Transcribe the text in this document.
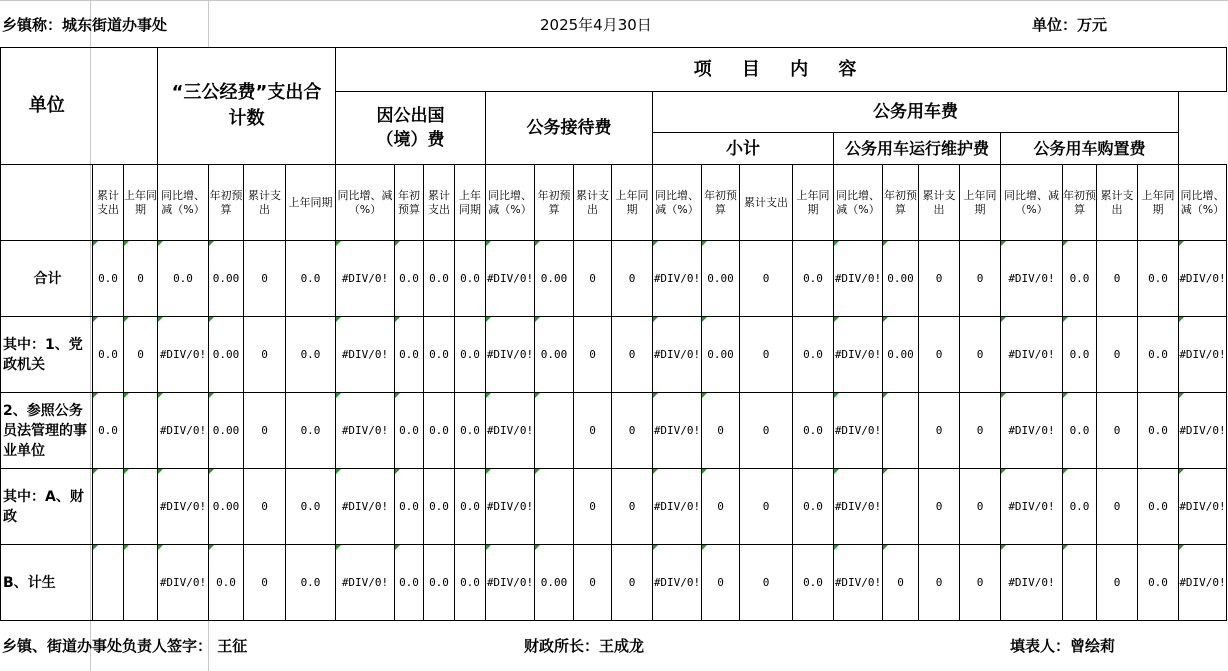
乡镇称：城东街道办事处	2025年4月30日	单位：万元
单位			“三公经费”支出合计数				项 目 内 容																				
							因公出国（境）费				公务接待费				公务用车费												
															小计				公务用车运行维护费				公务用车购置费				
	累计支出	上年同期	同比增、减（%）	年初预算	累计支出	上年同期	同比增、减（%）	年初预算	累计支出	上年同期	同比增、减（%）	年初预算	累计支出	上年同期	同比增、减（%）	年初预算	累计支出	上年同期	同比增、减（%）	年初预算	累计支出	上年同期	同比增、减（%）	年初预算	累计支出	上年同期	同比增、减（%）
合计	0.0	0	0.0	0.00	0	0.0	#DIV/0!	0.0	0.0	0.0	#DIV/0!	0.00	0	0	#DIV/0!	0.00	0	0.0	#DIV/0!	0.00	0	0	#DIV/0!	0.0	0	0.0	#DIV/0!
其中：1、党政机关	0.0	0	#DIV/0!	0.00	0	0.0	#DIV/0!	0.0	0.0	0.0	#DIV/0!	0.00	0	0	#DIV/0!	0.00	0	0.0	#DIV/0!	0.00	0	0	#DIV/0!	0.0	0	0.0	#DIV/0!
2、参照公务员法管理的事业单位	0.0		#DIV/0!	0.00	0	0.0	#DIV/0!	0.0	0.0	0.0	#DIV/0!		0	0	#DIV/0!	0	0	0.0	#DIV/0!		0	0	#DIV/0!	0.0	0	0.0	#DIV/0!
其中：A、财政			#DIV/0!	0.00	0	0.0	#DIV/0!	0.0	0.0	0.0	#DIV/0!		0	0	#DIV/0!	0	0	0.0	#DIV/0!		0	0	#DIV/0!	0.0	0	0.0	#DIV/0!
B、计生			#DIV/0!	0.0	0	0.0	#DIV/0!	0.0	0.0	0.0	#DIV/0!	0.00	0	0	#DIV/0!	0	0	0.0	#DIV/0!	0	0	0	#DIV/0!		0	0.0	#DIV/0!
乡镇、街道办事处负责人签字： 王征	财政所长：王成龙	填表人：曾绘莉
